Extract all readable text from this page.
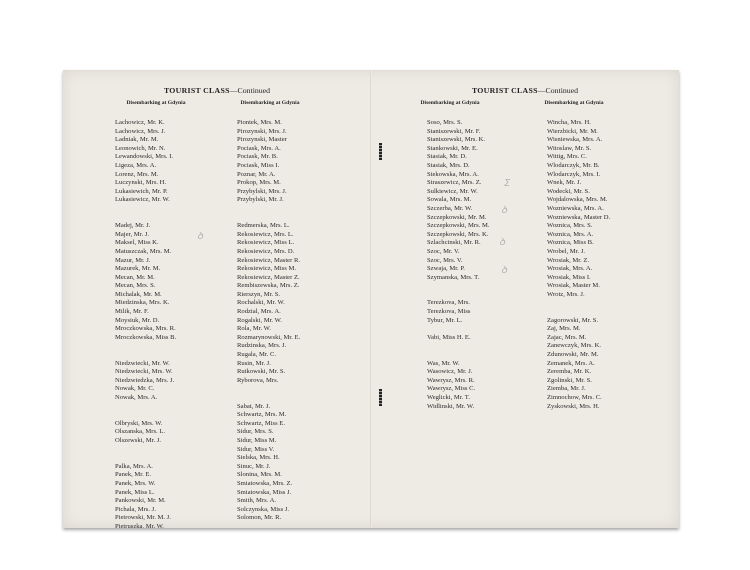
TOURIST CLASS—Continued
Disembarking at Gdynia	Disembarking at Gdynia
Lachowicz, Mr. K.
Lachowicz, Mrs. J.
Ladniak, Mr. M.
Leonowich, Mr. N.
Lewandowski, Mrs. I.
Ligeza, Mrs. A.
Lorenz, Mrs. M.
Luczynski, Mrs. H.
Lukasiewich, Mr. P.
Lukasiewicz, Mr. W.
Madej, Mr. J.
Majer, Mr. J.
Maksel, Miss K.
Matuszczak, Mrs. M.
Mazur, Mr. J.
Mazurek, Mr. M.
Mecan, Mr. M.
Mecan, Mrs. S.
Michalak, Mr. M.
Miedzinska, Mrs. K.
Milik, Mr. F.
Moysiuk, Mr. D.
Mroczkowska, Mrs. R.
Mroczkowska, Miss B.
Niedzwiecki, Mr. W.
Niedzwiecki, Mrs. W.
Niedzwiedzka, Mrs. J.
Nowak, Mr. C.
Nowak, Mrs. A.
Olbryski, Mrs. W.
Olszanska, Mrs. L.
Olszewski, Mr. J.
Palka, Mrs. A.
Panek, Mr. E.
Panek, Mrs. W.
Panek, Miss L.
Pankowski, Mr. M.
Pichala, Mrs. J.
Pietrowski, Mr. M. J.
Pietruszka, Mr. W.
Piontek, Mrs. M.
Pirozynski, Mrs. J.
Pirozynski, Master
Pociask, Mrs. A.
Pociask, Mr. B.
Pociask, Miss I.
Poznar, Mr. A.
Prokop, Mrs. M.
Przybylski, Mrs. J.
Przybylski, Mr. J.
Redmerska, Mrs. L.
Rekosiewicz, Mrs. L.
Rekosiewicz, Miss L.
Rekosiewicz, Mrs. D.
Rekosiewicz, Master R.
Rekosiewicz, Miss M.
Rekosiewicz, Master Z.
Rembiszewska, Mrs. Z.
Rierszyn, Mr. S.
Rochalski, Mr. W.
Rodzial, Mrs. A.
Rogalski, Mr. W.
Rola, Mr. W.
Rozmarynowski, Mr. E.
Rudzinska, Mrs. J.
Rugala, Mr. C.
Rusin, Mr. J.
Rutkowski, Mr. S.
Ryborova, Mrs.
Sabat, Mr. J.
Schwartz, Mrs. M.
Schwartz, Miss E.
Sidur, Mrs. S.
Sidur, Miss M.
Sidur, Miss V.
Sielska, Mrs. H.
Sinuc, Mr. J.
Slonina, Mrs. M.
Smiatowska, Mrs. Z.
Smiatowska, Miss J.
Smith, Mrs. A.
Solczynska, Miss J.
Solomon, Mr. R.
ꝺ
TOURIST CLASS—Continued
Disembarking at Gdynia	Disembarking at Gdynia
Soso, Mrs. S.
Staniszewski, Mr. F.
Staniszewski, Mrs. K.
Stankowski, Mr. E.
Stasiak, Mr. D.
Stasiak, Mrs. D.
Stekowska, Mrs. A.
Straszewicz, Mrs. Z.
Sulkiewicz, Mr. W.
Sowala, Mrs. M.
Szczerba, Mr. W.
Szczepkowski, Mr. M.
Szczepkowski, Mrs. M.
Szczepkowski, Mrs. K.
Szlachcinski, Mr. R.
Szoc, Mr. V.
Szoc, Mrs. V.
Szwaja, Mr. P.
Szymanska, Mrs. T.
Terezkova, Mrs.
Terezkova, Miss
Tybur, Mr. L.
Vabi, Miss H. E.
Was, Mr. W.
Wasowicz, Mr. J.
Wawrysz, Mrs. R.
Wawrysz, Miss C.
Weglicki, Mr. T.
Widlinski, Mr. W.
Wincha, Mrs. H.
Wierzbicki, Mr. M.
Wisniewska, Mrs. A.
Witoslaw, Mr. S.
Wittig, Mrs. C.
Wlodarczyk, Mr. B.
Wlodarczyk, Mrs. I.
Wnek, Mr. J.
Wodecki, Mr. S.
Wojdalowska, Mrs. M.
Wozniewska, Mrs. A.
Wozniewska, Master D.
Woznica, Mrs. S.
Woznica, Mrs. A.
Woznica, Miss B.
Wrobel, Mr. J.
Wrosiak, Mr. Z.
Wrosiak, Mrs. A.
Wrosiak, Miss I.
Wrosiak, Master M.
Wrotz, Mrs. J.
Zagorowski, Mr. S.
Zaj, Mrs. M.
Zajac, Mrs. M.
Zanewczyk, Mrs. K.
Zdunowski, Mr. M.
Zemanek, Mrs. A.
Zeremba, Mr. K.
Zgolinski, Mr. S.
Ziemba, Mr. J.
Zimnochow, Mrs. C.
Zyskowski, Mrs. H.
Ʃ
ꝺ
ꝺ
ꝺ
